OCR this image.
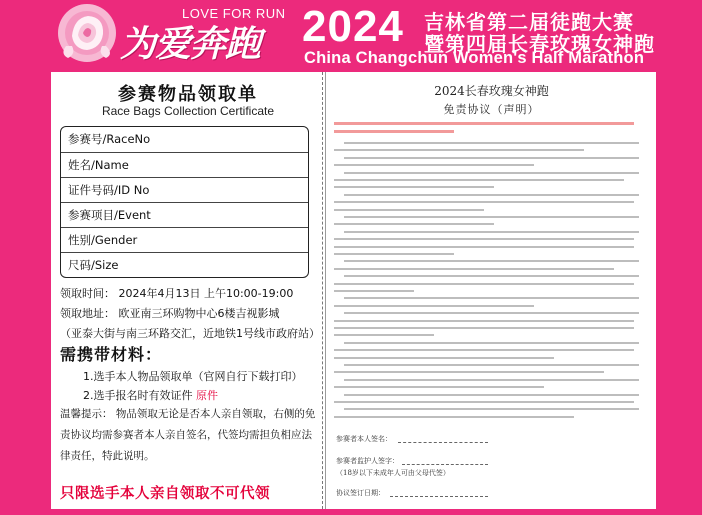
LOVE FOR RUN
为爱奔跑 2024 吉林省第二届徒跑大赛
暨第四届长春玫瑰女神跑
China Changchun Women's Half Marathon
参赛物品领取单
Race Bags Collection Certificate
参赛号/RaceNo
姓名/Name
证件号码/ID No
参赛项目/Event
性别/Gender
尺码/Size
领取时间： 2024年4月13日 上午10:00-19:00
领取地址： 欧亚南三环购物中心6楼吉视影城
（亚泰大街与南三环路交汇，近地铁1号线市政府站）
需携带材料：
1.选手本人物品领取单（官网自行下载打印）
2.选手报名时有效证件 原件
温馨提示： 物品领取无论是否本人亲自领取，右侧的免责协议均需参赛者本人亲自签名，代签均需担负相应法律责任，特此说明。
只限选手本人亲自领取不可代领
2024长春玫瑰女神跑
免责协议（声明）
参赛者本人签名：
参赛者监护人签字：
（18岁以下未成年人可由父母代签）
协议签订日期：
